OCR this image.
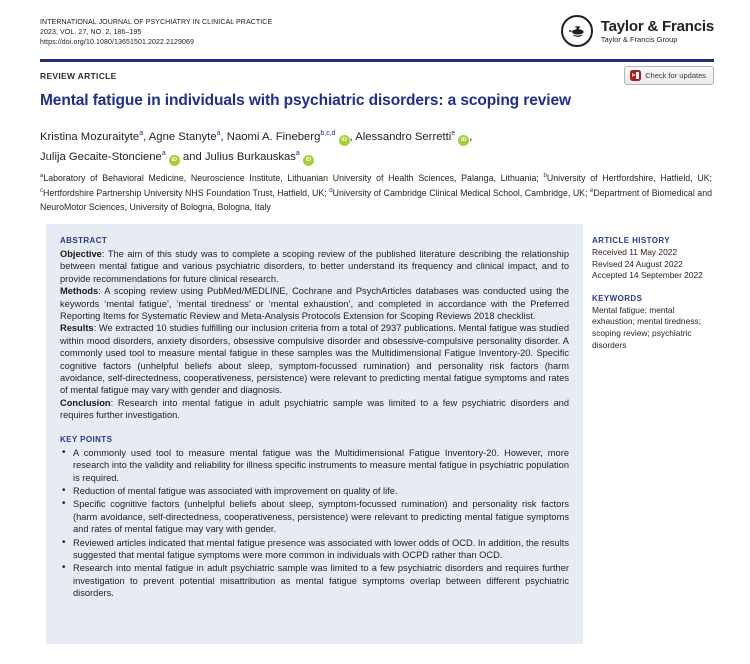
INTERNATIONAL JOURNAL OF PSYCHIATRY IN CLINICAL PRACTICE
2023, VOL. 27, NO. 2, 186–195
https://doi.org/10.1080/13651501.2022.2129069
Taylor & Francis
Taylor & Francis Group
REVIEW ARTICLE	Check for updates
Mental fatigue in individuals with psychiatric disorders: a scoping review
Kristina Mozuraityte$^a$, Agne Stanyte$^a$, Naomi A. Fineberg$^{b,c,d}$iD , Alessandro Serretti$^e$iD ,
Julija Gecaite-Stonciene$^a$iD and Julius Burkauskas$^a$iD

$^a$Laboratory of Behavioral Medicine, Neuroscience Institute, Lithuanian University of Health Sciences, Palanga, Lithuania; $^b$University of Hertfordshire, Hatfield, UK; $^c$Hertfordshire Partnership University NHS Foundation Trust, Hatfield, UK; $^d$University of Cambridge Clinical Medical School, Cambridge, UK; $^e$Department of Biomedical and NeuroMotor Sciences, University of Bologna, Bologna, Italy

ABSTRACT

Objective: The aim of this study was to complete a scoping review of the published literature describing the relationship between mental fatigue and various psychiatric disorders, to better understand its frequency and clinical impact, and to provide recommendations for future clinical research.

Methods: A scoping review using PubMed/MEDLINE, Cochrane and PsychArticles databases was conducted using the keywords ‘mental fatigue’, ‘mental tiredness’ or ‘mental exhaustion’, and completed in accordance with the Preferred Reporting Items for Systematic Review and Meta-Analysis Protocols Extension for Scoping Reviews 2018 checklist.

Results: We extracted 10 studies fulfilling our inclusion criteria from a total of 2937 publications. Mental fatigue was studied within mood disorders, anxiety disorders, obsessive compulsive disorder and obsessive-compulsive personality disorder. A commonly used tool to measure mental fatigue in these samples was the Multidimensional Fatigue Inventory-20. Specific cognitive factors (unhelpful beliefs about sleep, symptom-focussed rumination) and personality risk factors (harm avoidance, self-directedness, cooperativeness, persistence) were relevant to predicting mental fatigue symptoms and rates of mental fatigue may vary with gender and diagnosis.

Conclusion: Research into mental fatigue in adult psychiatric sample was limited to a few psychiatric disorders and requires further investigation.

KEY POINTS
• A commonly used tool to measure mental fatigue was the Multidimensional Fatigue Inventory-20. However, more research into the validity and reliability for illness specific instruments to measure mental fatigue in psychiatric population is required.
• Reduction of mental fatigue was associated with improvement on quality of life.
• Specific cognitive factors (unhelpful beliefs about sleep, symptom-focussed rumination) and personality risk factors (harm avoidance, self-directedness, cooperativeness, persistence) were relevant to predicting mental fatigue symptoms and rates of mental fatigue may vary with gender.
• Reviewed articles indicated that mental fatigue presence was associated with lower odds of OCD. In addition, the results suggested that mental fatigue symptoms were more common in individuals with OCPD rather than OCD.
• Research into mental fatigue in adult psychiatric sample was limited to a few psychiatric disorders and requires further investigation to prevent potential misattribution as mental fatigue symptoms overlap between different psychiatric disorders.
ARTICLE HISTORY
Received 11 May 2022
Revised 24 August 2022
Accepted 14 September 2022
KEYWORDS
Mental fatigue; mental exhaustion; mental tiredness; scoping review; psychiatric disorders
